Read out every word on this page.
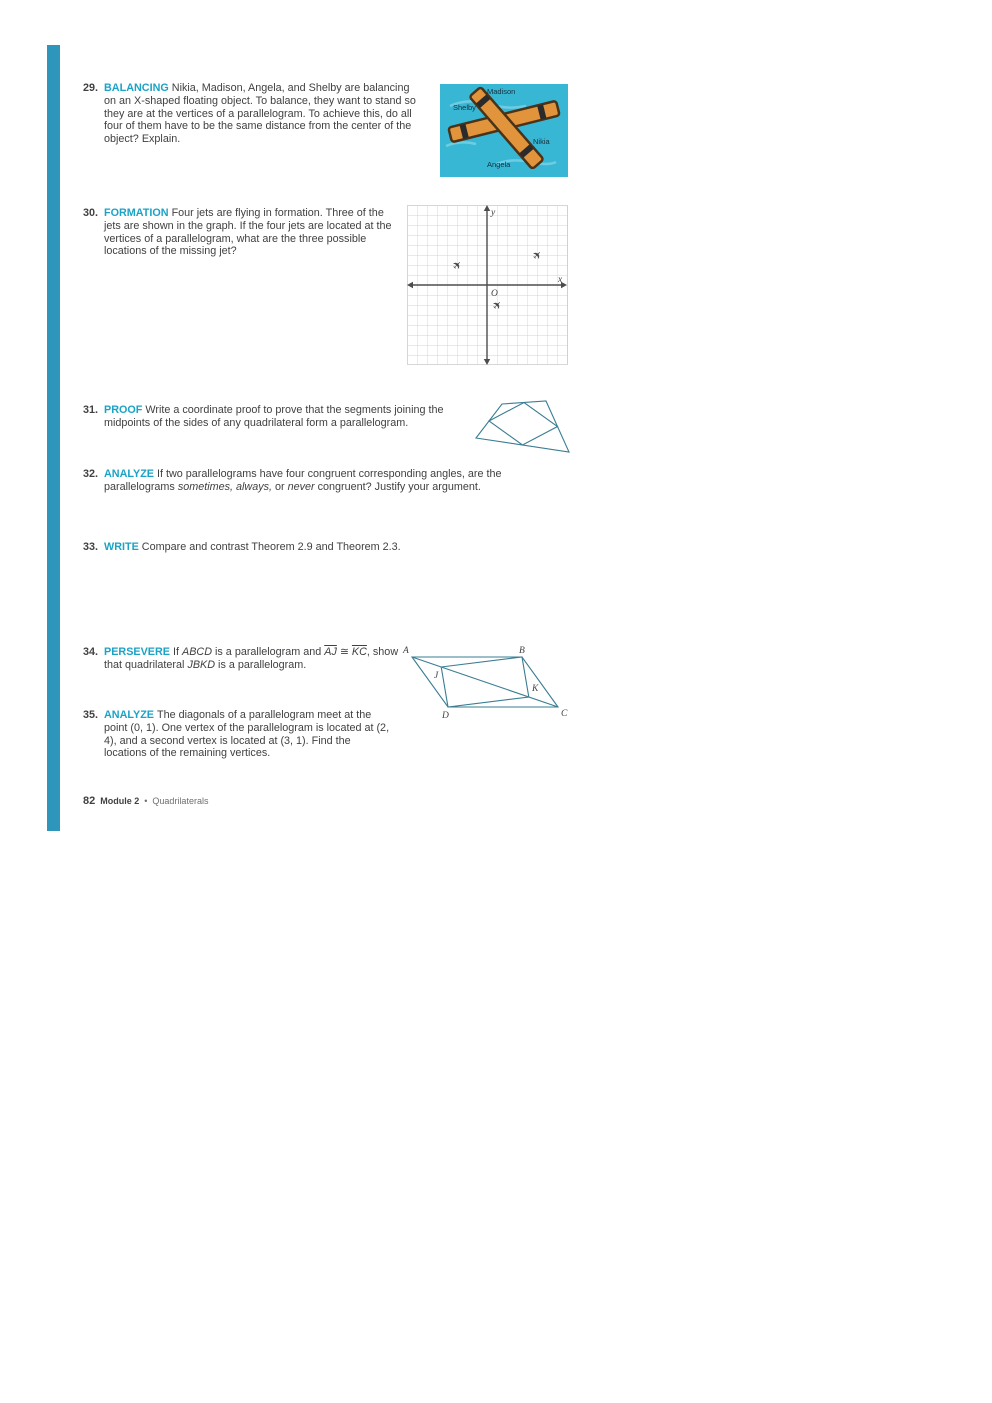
29. BALANCING Nikia, Madison, Angela, and Shelby are balancing on an X-shaped floating object. To balance, they want to stand so they are at the vertices of a parallelogram. To achieve this, do all four of them have to be the same distance from the center of the object? Explain.
Madison
Shelby
Nikia
Angela
30. FORMATION Four jets are flying in formation. Three of the jets are shown in the graph. If the four jets are located at the vertices of a parallelogram, what are the three possible locations of the missing jet?
y
x
O
✈
✈
✈
31. PROOF Write a coordinate proof to prove that the segments joining the midpoints of the sides of any quadrilateral form a parallelogram.
32. ANALYZE If two parallelograms have four congruent corresponding angles, are the parallelograms sometimes, always, or never congruent? Justify your argument.
33. WRITE Compare and contrast Theorem 2.9 and Theorem 2.3.
34. PERSEVERE If ABCD is a parallelogram and $\overline{AJ}$ ≅ $\overline{KC}$, show that quadrilateral JBKD is a parallelogram.
A	B
J
K
D	C
35. ANALYZE The diagonals of a parallelogram meet at the point (0, 1). One vertex of the parallelogram is located at (2, 4), and a second vertex is located at (3, 1). Find the locations of the remaining vertices.
82 Module 2 • Quadrilaterals
